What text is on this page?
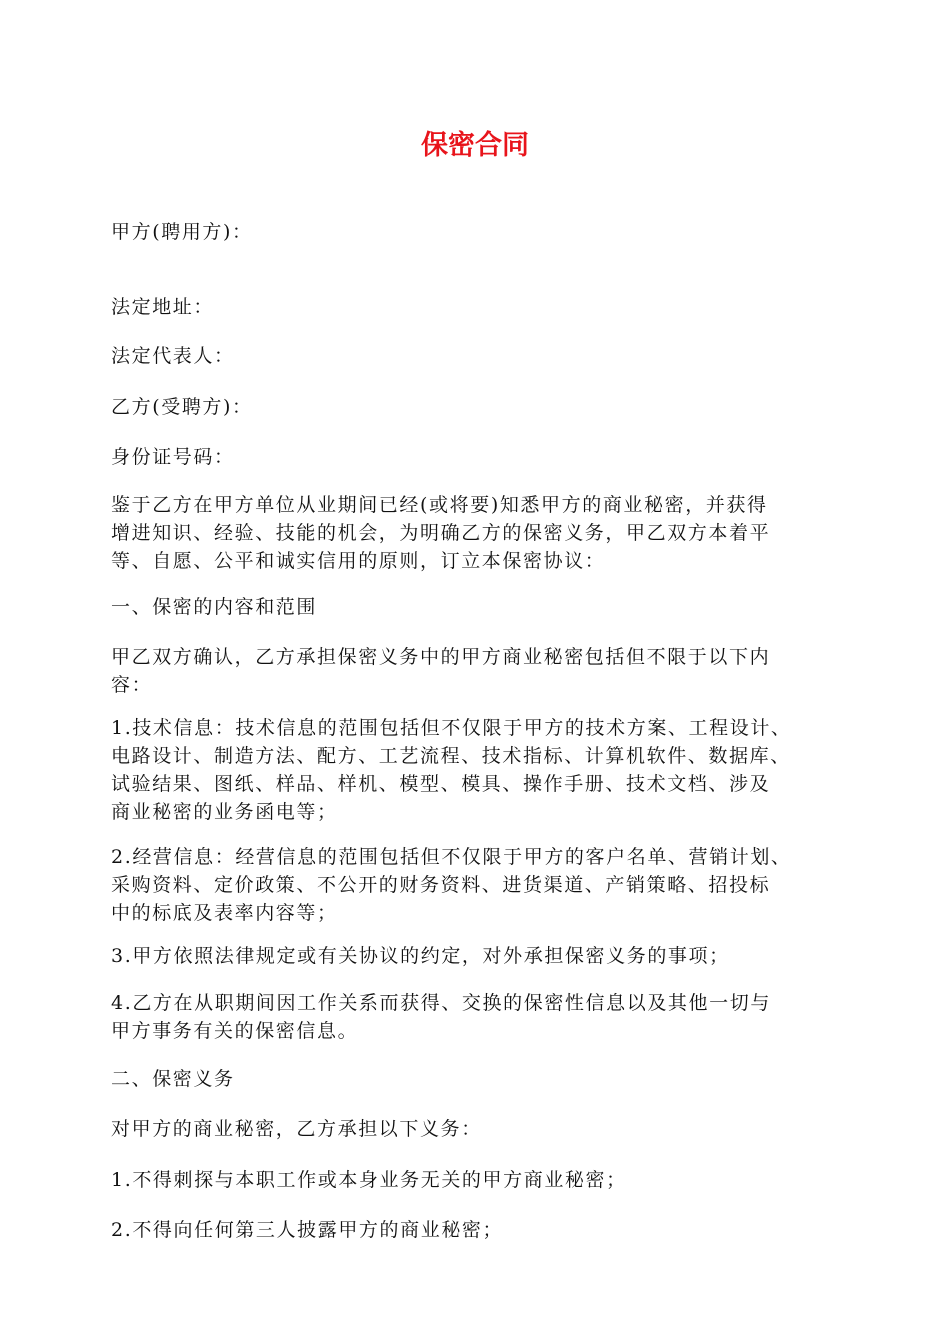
保密合同

甲方(聘用方)：

法定地址：

法定代表人：

乙方(受聘方)：

身份证号码：

鉴于乙方在甲方单位从业期间已经(或将要)知悉甲方的商业秘密，并获得
增进知识、经验、技能的机会，为明确乙方的保密义务，甲乙双方本着平
等、自愿、公平和诚实信用的原则，订立本保密协议：

一、保密的内容和范围

甲乙双方确认，乙方承担保密义务中的甲方商业秘密包括但不限于以下内
容：
1.技术信息：技术信息的范围包括但不仅限于甲方的技术方案、工程设计、
电路设计、制造方法、配方、工艺流程、技术指标、计算机软件、数据库、
试验结果、图纸、样品、样机、模型、模具、操作手册、技术文档、涉及
商业秘密的业务函电等；
2.经营信息：经营信息的范围包括但不仅限于甲方的客户名单、营销计划、
采购资料、定价政策、不公开的财务资料、进货渠道、产销策略、招投标
中的标底及表率内容等；

3.甲方依照法律规定或有关协议的约定，对外承担保密义务的事项；

4.乙方在从职期间因工作关系而获得、交换的保密性信息以及其他一切与
甲方事务有关的保密信息。

二、保密义务

对甲方的商业秘密，乙方承担以下义务：

1.不得刺探与本职工作或本身业务无关的甲方商业秘密；

2.不得向任何第三人披露甲方的商业秘密；
